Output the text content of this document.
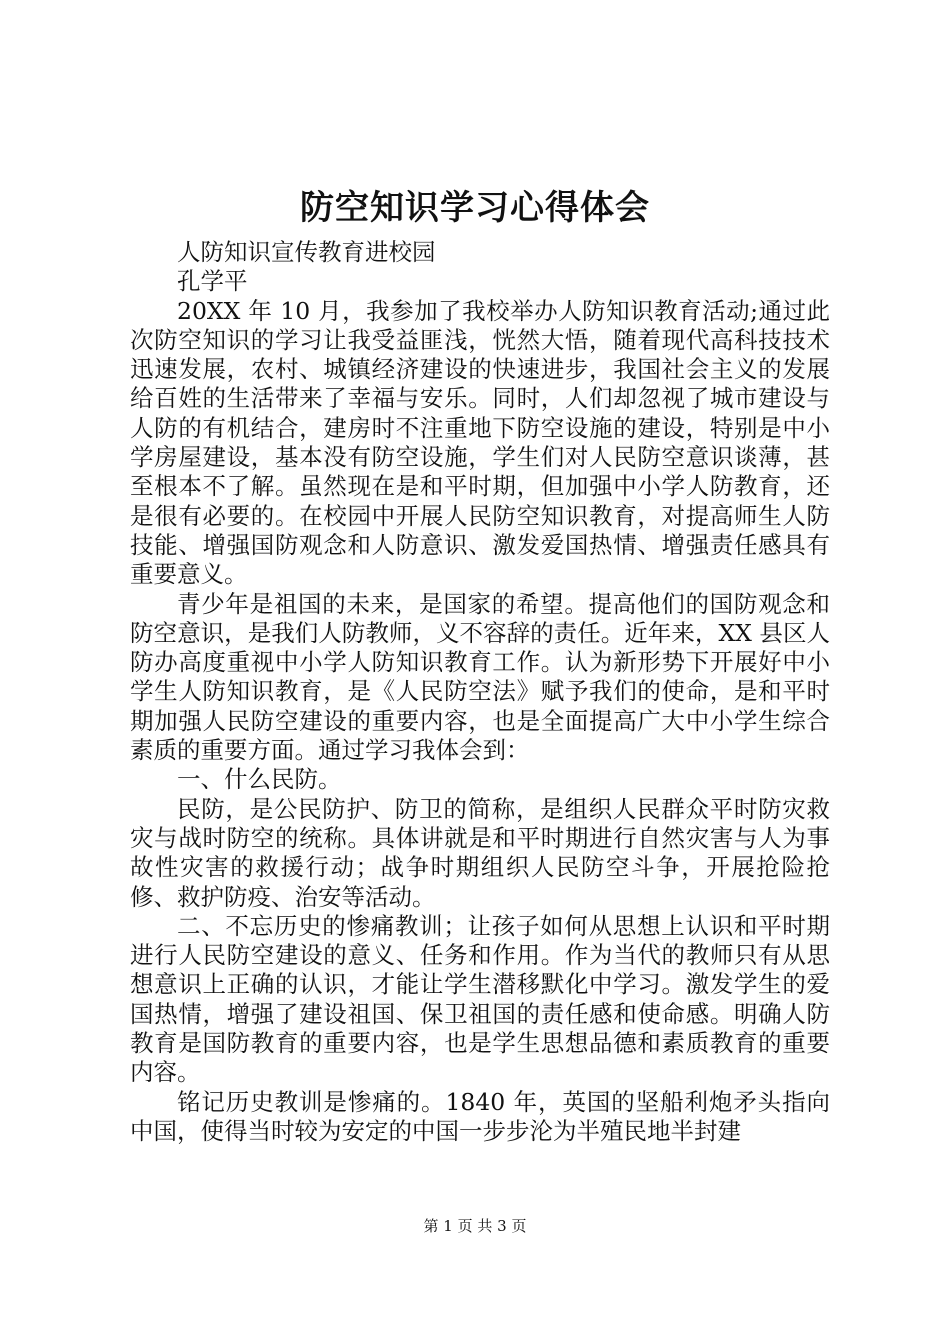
防空知识学习心得体会

人防知识宣传教育进校园

孔学平

20XX 年 10 月，我参加了我校举办人防知识教育活动;通过此次防空知识的学习让我受益匪浅，恍然大悟，随着现代高科技技术迅速发展，农村、城镇经济建设的快速进步，我国社会主义的发展给百姓的生活带来了幸福与安乐。同时，人们却忽视了城市建设与人防的有机结合，建房时不注重地下防空设施的建设，特别是中小学房屋建设，基本没有防空设施，学生们对人民防空意识谈薄，甚至根本不了解。虽然现在是和平时期，但加强中小学人防教育，还是很有必要的。在校园中开展人民防空知识教育，对提高师生人防技能、增强国防观念和人防意识、激发爱国热情、增强责任感具有重要意义。

青少年是祖国的未来，是国家的希望。提高他们的国防观念和防空意识，是我们人防教师，义不容辞的责任。近年来，XX 县区人防办高度重视中小学人防知识教育工作。认为新形势下开展好中小学生人防知识教育，是《人民防空法》赋予我们的使命，是和平时期加强人民防空建设的重要内容，也是全面提高广大中小学生综合素质的重要方面。通过学习我体会到：

一、什么民防。

民防，是公民防护、防卫的简称，是组织人民群众平时防灾救灾与战时防空的统称。具体讲就是和平时期进行自然灾害与人为事故性灾害的救援行动；战争时期组织人民防空斗争，开展抢险抢修、救护防疫、治安等活动。

二、不忘历史的惨痛教训；让孩子如何从思想上认识和平时期进行人民防空建设的意义、任务和作用。作为当代的教师只有从思想意识上正确的认识，才能让学生潜移默化中学习。激发学生的爱国热情，增强了建设祖国、保卫祖国的责任感和使命感。明确人防教育是国防教育的重要内容，也是学生思想品德和素质教育的重要内容。

铭记历史教训是惨痛的。1840 年，英国的坚船利炮矛头指向中国，使得当时较为安定的中国一步步沦为半殖民地半封建

第 1 页 共 3 页
